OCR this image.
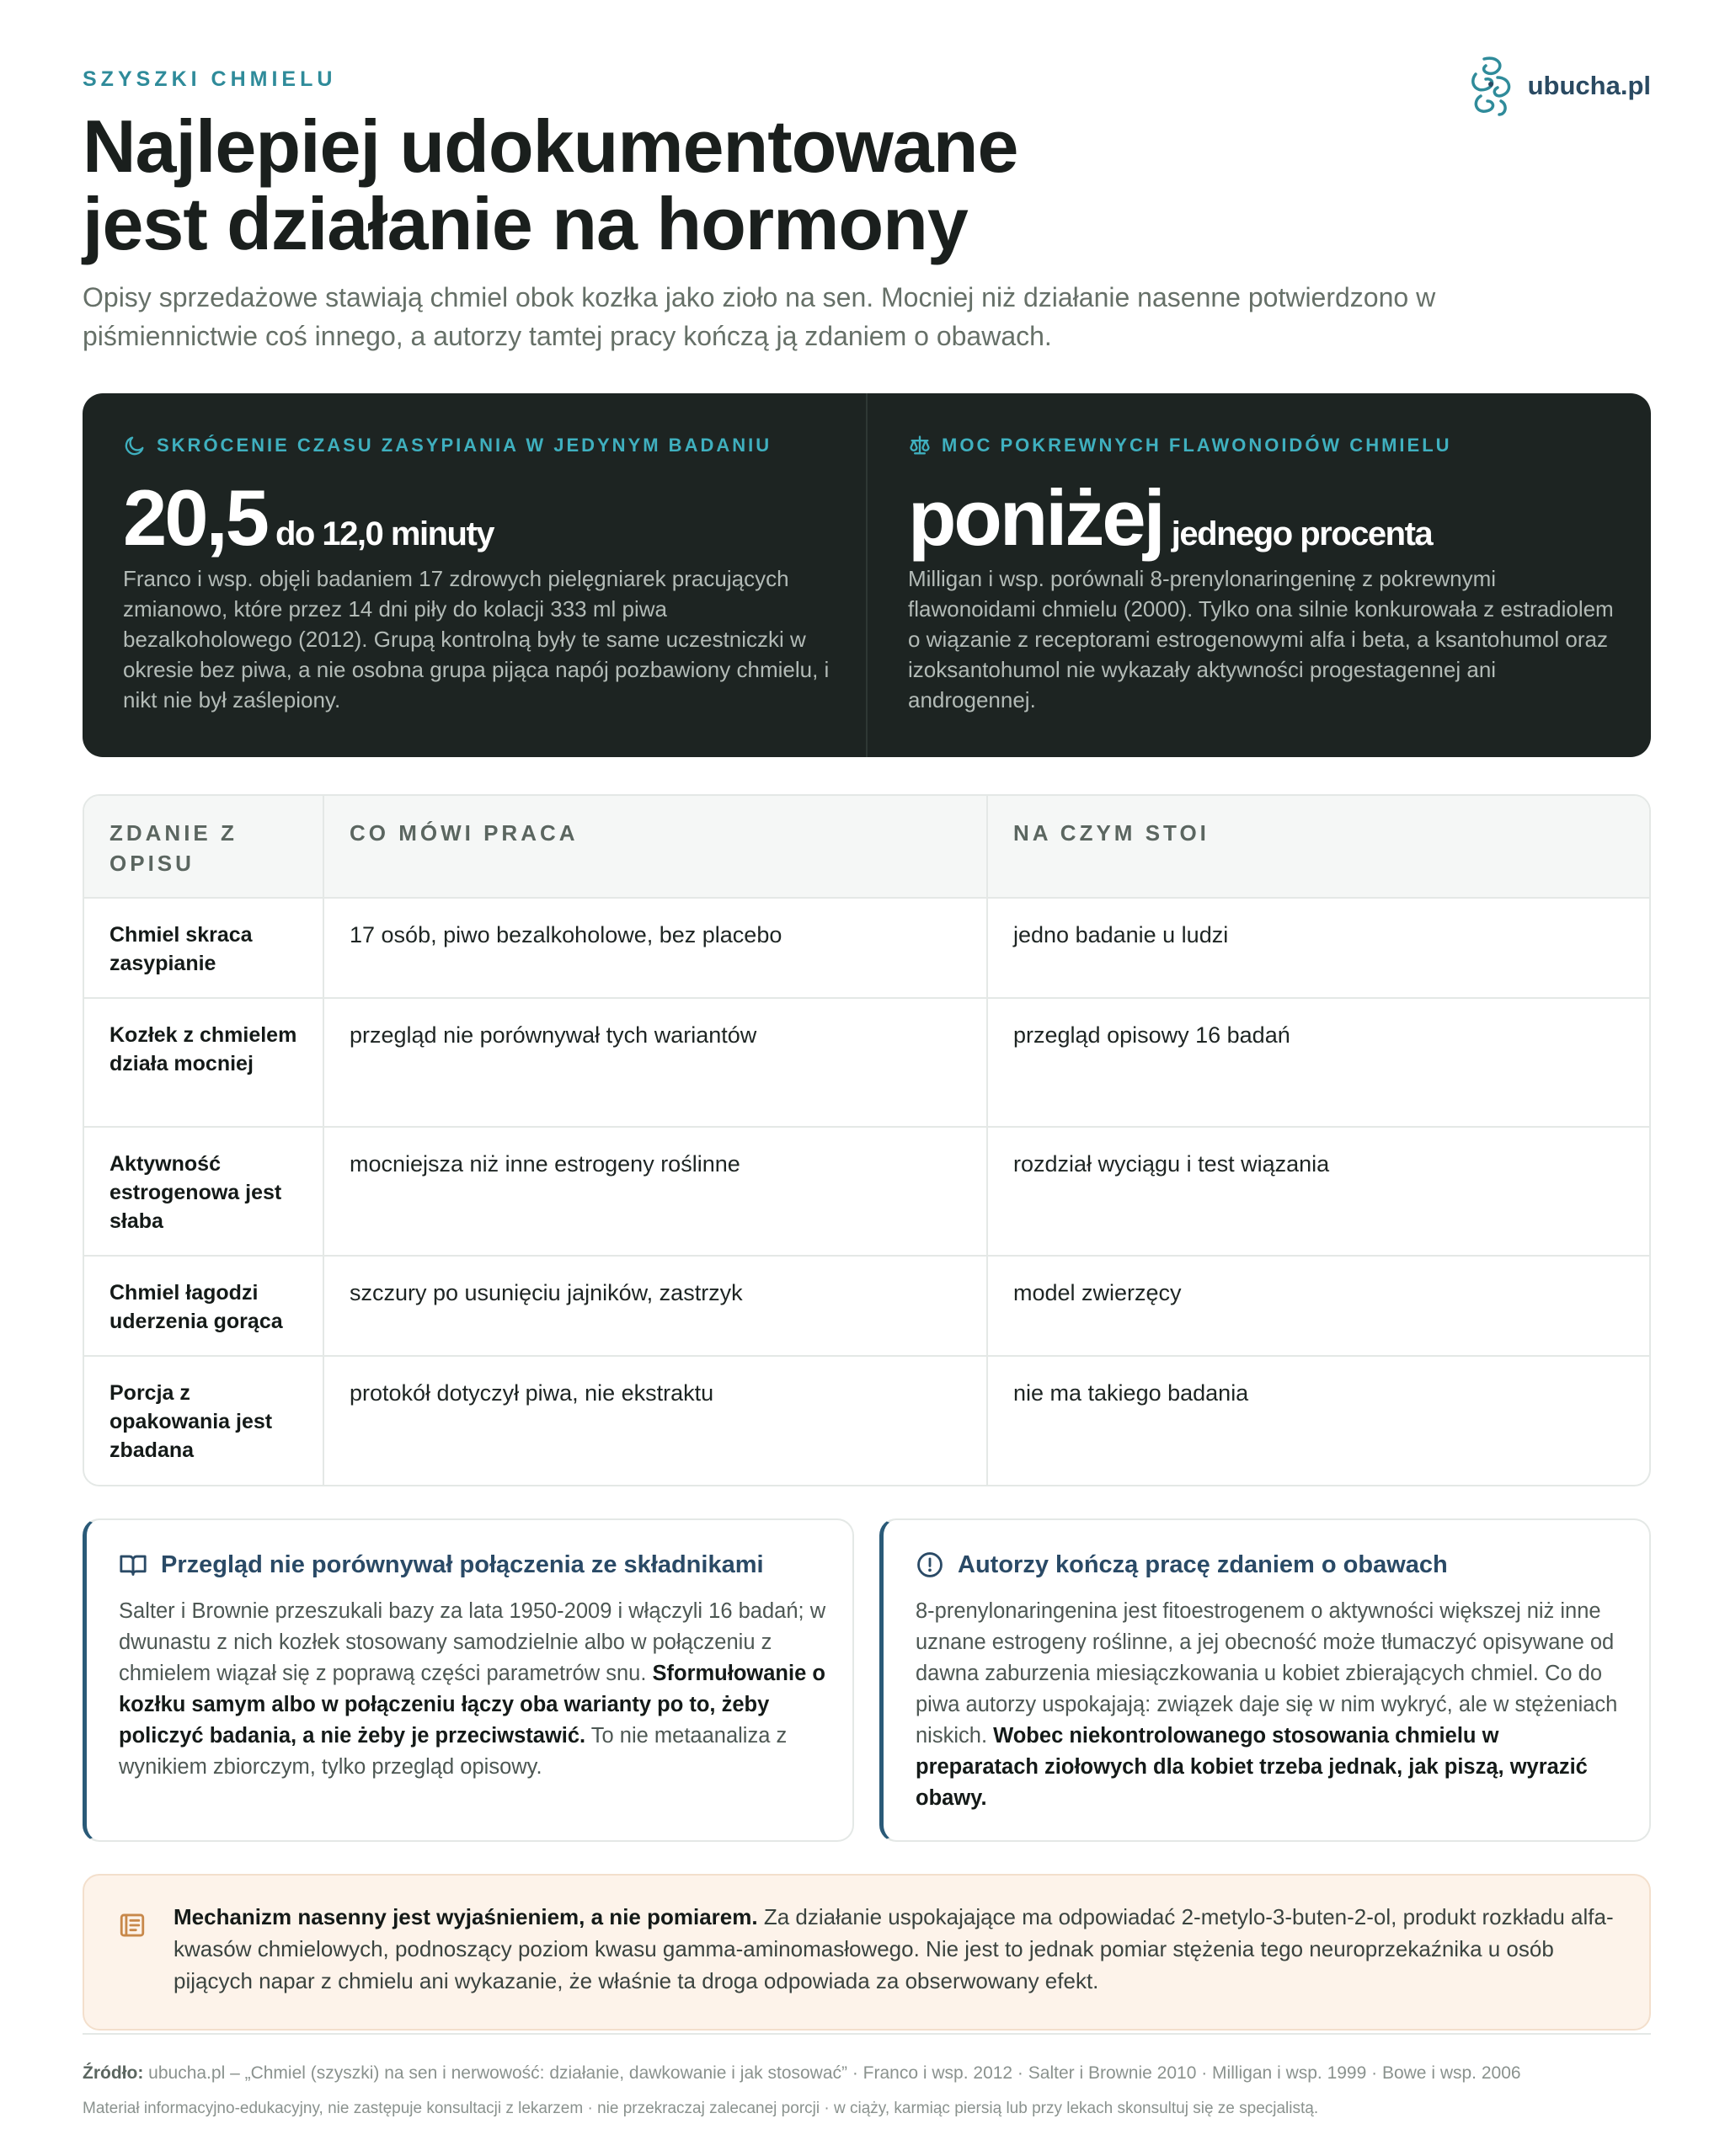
SZYSZKI CHMIELU	ubucha.pl
Najlepiej udokumentowane
jest działanie na hormony
Opisy sprzedażowe stawiają chmiel obok kozłka jako zioło na sen. Mocniej niż działanie nasenne potwierdzono w piśmiennictwie coś innego, a autorzy tamtej pracy kończą ją zdaniem o obawach.
SKRÓCENIE CZASU ZASYPIANIA W JEDYNYM BADANIU
20,5 do 12,0 minuty
Franco i wsp. objęli badaniem 17 zdrowych pielęgniarek pracujących zmianowo, które przez 14 dni piły do kolacji 333 ml piwa bezalkoholowego (2012). Grupą kontrolną były te same uczestniczki w okresie bez piwa, a nie osobna grupa pijąca napój pozbawiony chmielu, i nikt nie był zaślepiony.
MOC POKREWNYCH FLAWONOIDÓW CHMIELU
poniżej jednego procenta
Milligan i wsp. porównali 8-prenylonaringeninę z pokrewnymi flawonoidami chmielu (2000). Tylko ona silnie konkurowała z estradiolem o wiązanie z receptorami estrogenowymi alfa i beta, a ksantohumol oraz izoksantohumol nie wykazały aktywności progestagennej ani androgennej.
ZDANIE Z OPISU	CO MÓWI PRACA	NA CZYM STOI
Chmiel skraca zasypianie	17 osób, piwo bezalkoholowe, bez placebo	jedno badanie u ludzi
Kozłek z chmielem działa mocniej	przegląd nie porównywał tych wariantów	przegląd opisowy 16 badań
Aktywność estrogenowa jest słaba	mocniejsza niż inne estrogeny roślinne	rozdział wyciągu i test wiązania
Chmiel łagodzi uderzenia gorąca	szczury po usunięciu jajników, zastrzyk	model zwierzęcy
Porcja z opakowania jest zbadana	protokół dotyczył piwa, nie ekstraktu	nie ma takiego badania
Przegląd nie porównywał połączenia ze składnikami
Salter i Brownie przeszukali bazy za lata 1950-2009 i włączyli 16 badań; w dwunastu z nich kozłek stosowany samodzielnie albo w połączeniu z chmielem wiązał się z poprawą części parametrów snu. Sformułowanie o kozłku samym albo w połączeniu łączy oba warianty po to, żeby policzyć badania, a nie żeby je przeciwstawić. To nie metaanaliza z wynikiem zbiorczym, tylko przegląd opisowy.
Autorzy kończą pracę zdaniem o obawach
8-prenylonaringenina jest fitoestrogenem o aktywności większej niż inne uznane estrogeny roślinne, a jej obecność może tłumaczyć opisywane od dawna zaburzenia miesiączkowania u kobiet zbierających chmiel. Co do piwa autorzy uspokajają: związek daje się w nim wykryć, ale w stężeniach niskich. Wobec niekontrolowanego stosowania chmielu w preparatach ziołowych dla kobiet trzeba jednak, jak piszą, wyrazić obawy.
Mechanizm nasenny jest wyjaśnieniem, a nie pomiarem. Za działanie uspokajające ma odpowiadać 2-metylo-3-buten-2-ol, produkt rozkładu alfa-kwasów chmielowych, podnoszący poziom kwasu gamma-aminomasłowego. Nie jest to jednak pomiar stężenia tego neuroprzekaźnika u osób pijących napar z chmielu ani wykazanie, że właśnie ta droga odpowiada za obserwowany efekt.
Źródło: ubucha.pl – „Chmiel (szyszki) na sen i nerwowość: działanie, dawkowanie i jak stosować” · Franco i wsp. 2012 · Salter i Brownie 2010 · Milligan i wsp. 1999 · Bowe i wsp. 2006
Materiał informacyjno-edukacyjny, nie zastępuje konsultacji z lekarzem · nie przekraczaj zalecanej porcji · w ciąży, karmiąc piersią lub przy lekach skonsultuj się ze specjalistą.
